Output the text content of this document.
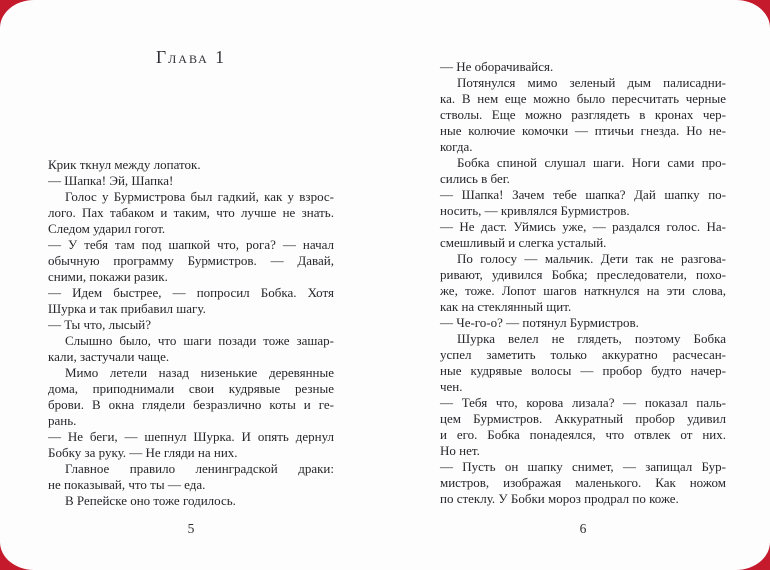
Глава 1
Крик ткнул между лопаток.
— Шапка! Эй, Шапка!
Голос у Бурмистрова был гадкий, как у взрос-
лого. Пах табаком и таким, что лучше не знать.
Следом ударил гогот.
— У тебя там под шапкой что, рога? — начал
обычную программу Бурмистров. — Давай,
сними, покажи разик.
— Идем быстрее, — попросил Бобка. Хотя
Шурка и так прибавил шагу.
— Ты что, лысый?
Слышно было, что шаги позади тоже зашар-
кали, застучали чаще.
Мимо летели назад низенькие деревянные
дома, приподнимали свои кудрявые резные
брови. В окна глядели безразлично коты и ге-
рань.
— Не беги, — шепнул Шурка. И опять дернул
Бобку за руку. — Не гляди на них.
Главное правило ленинградской драки:
не показывай, что ты — еда.
В Репейске оно тоже годилось.
— Не оборачивайся.
Потянулся мимо зеленый дым палисадни-
ка. В нем еще можно было пересчитать черные
стволы. Еще можно разглядеть в кронах чер-
ные колючие комочки — птичьи гнезда. Но не-
когда.
Бобка спиной слушал шаги. Ноги сами про-
сились в бег.
— Шапка! Зачем тебе шапка? Дай шапку по-
носить, — кривлялся Бурмистров.
— Не даст. Уймись уже, — раздался голос. На-
смешливый и слегка усталый.
По голосу — мальчик. Дети так не разгова-
ривают, удивился Бобка; преследователи, похо-
же, тоже. Лопот шагов наткнулся на эти слова,
как на стеклянный щит.
— Че-го-о? — потянул Бурмистров.
Шурка велел не глядеть, поэтому Бобка
успел заметить только аккуратно расчесан-
ные кудрявые волосы — пробор будто начер-
чен.
— Тебя что, корова лизала? — показал паль-
цем Бурмистров. Аккуратный пробор удивил
и его. Бобка понадеялся, что отвлек от них.
Но нет.
— Пусть он шапку снимет, — запищал Бур-
мистров, изображая маленького. Как ножом
по стеклу. У Бобки мороз продрал по коже.
5	6
